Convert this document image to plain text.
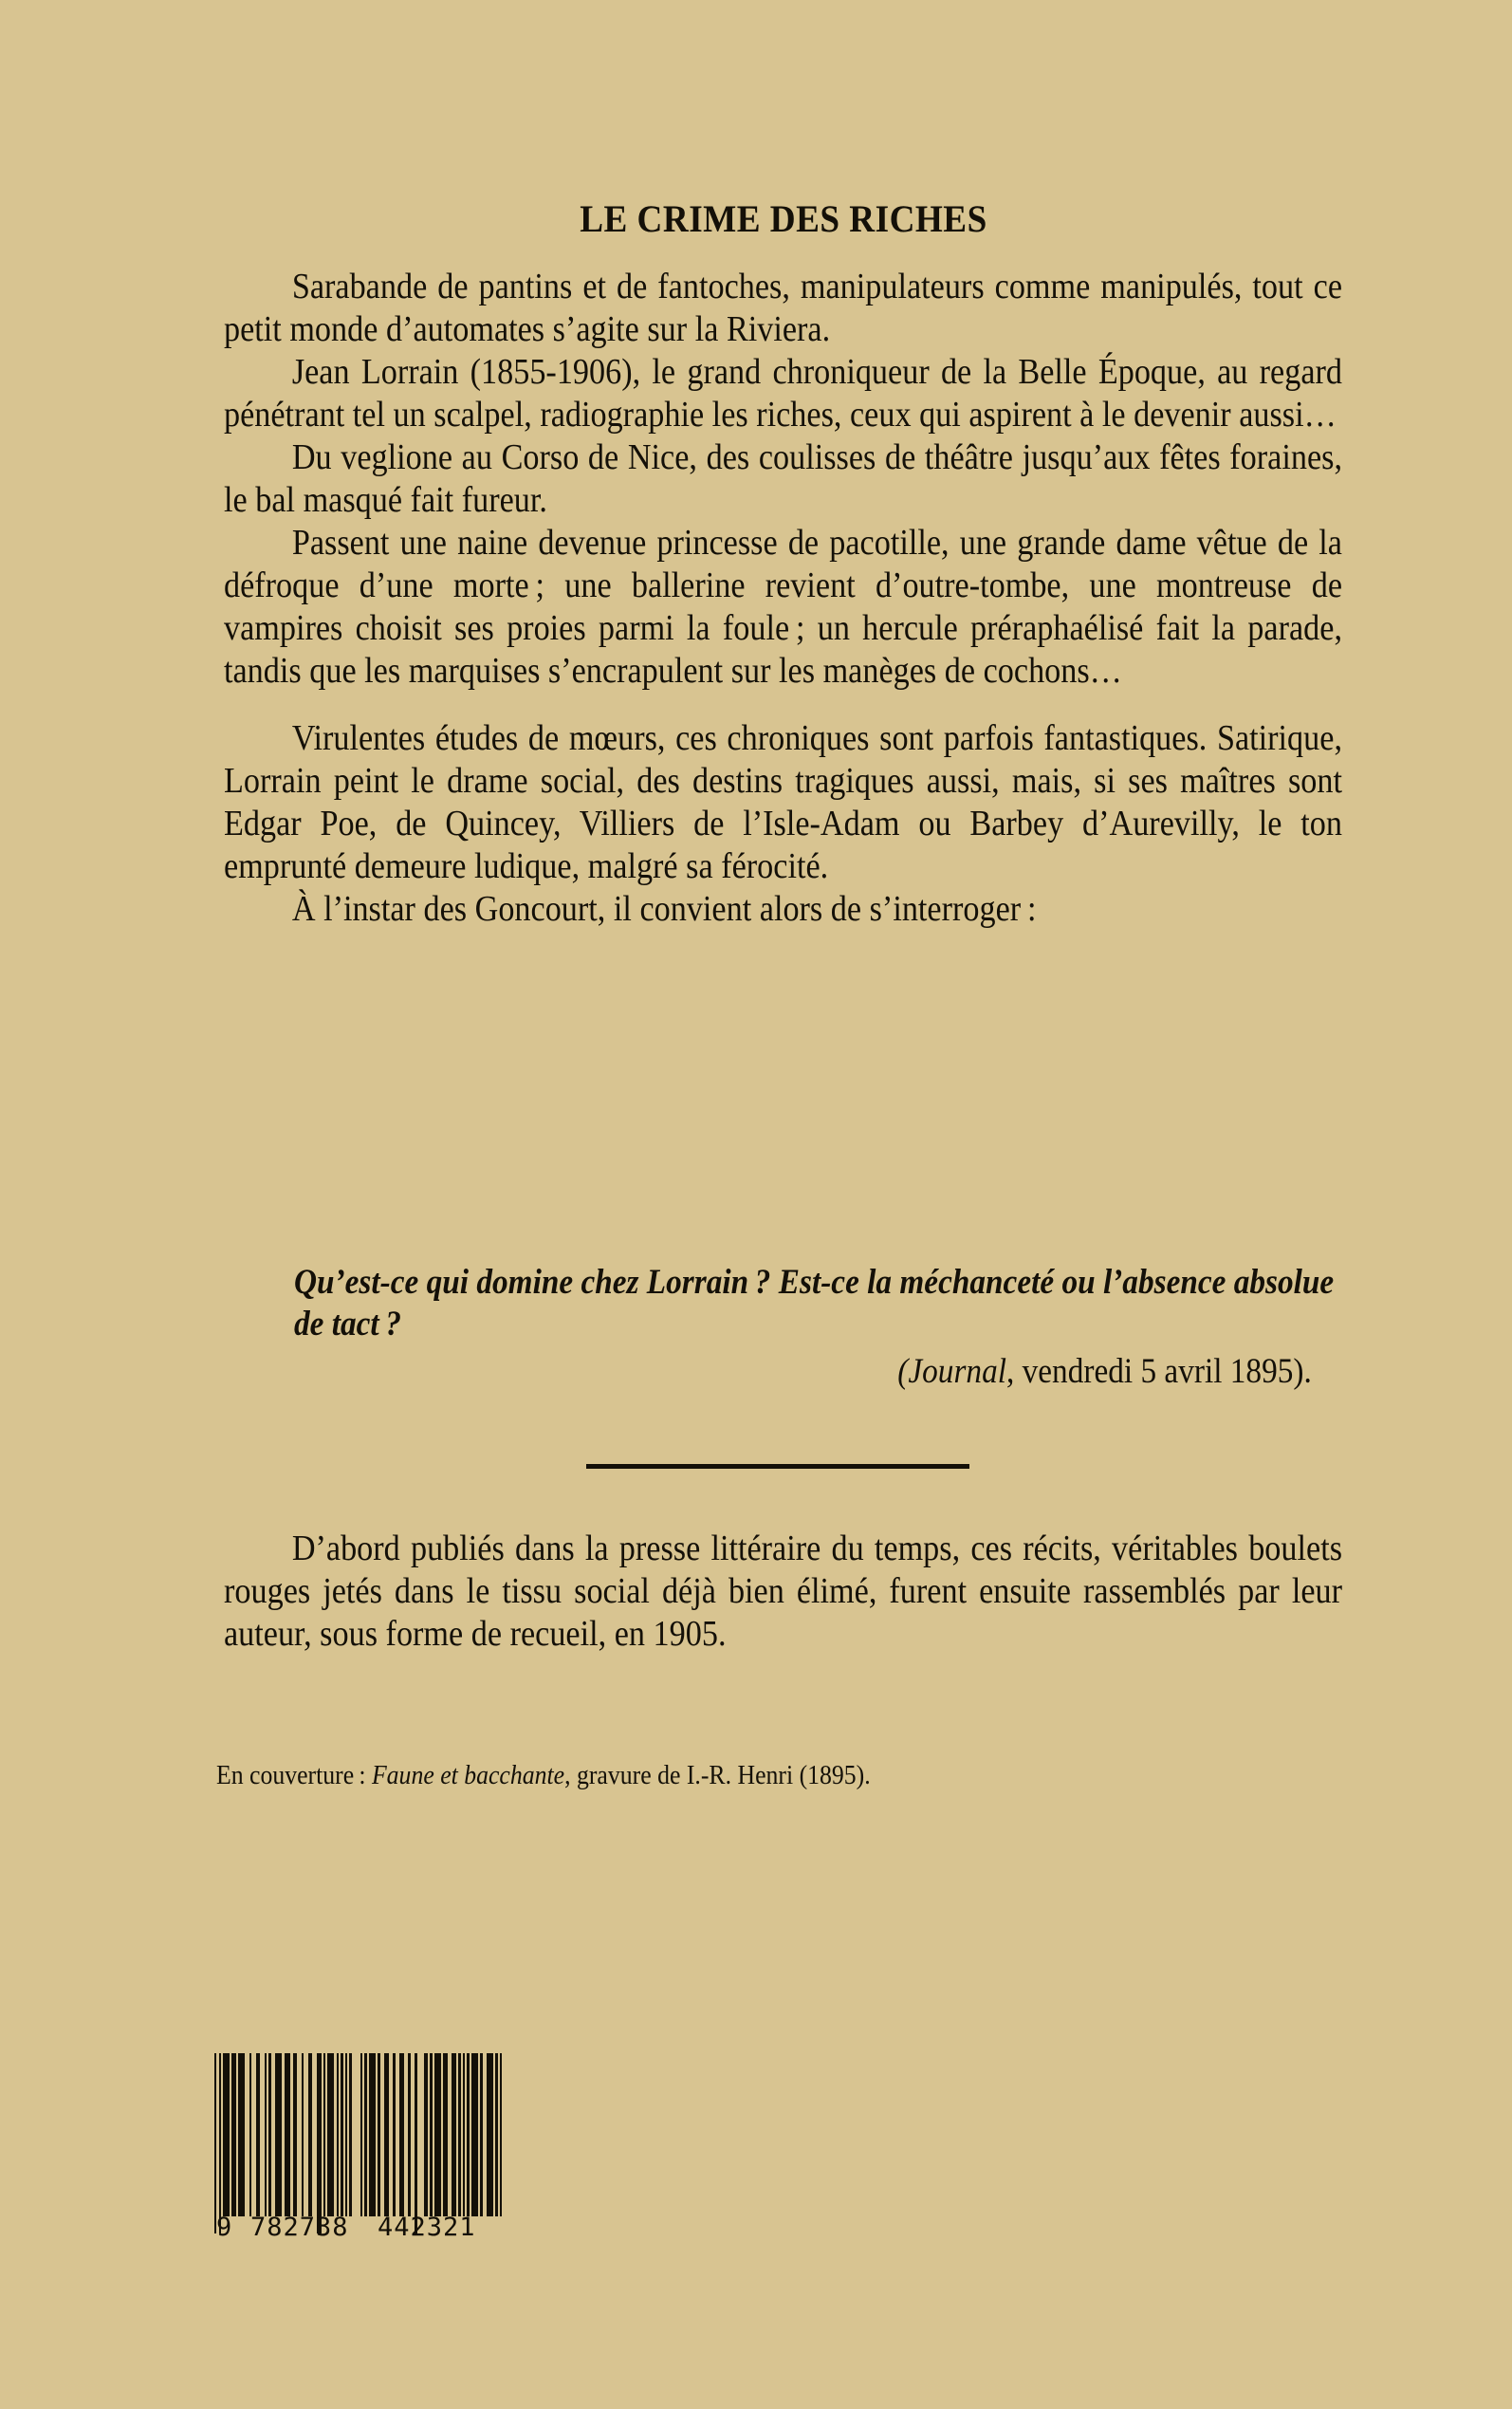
LE CRIME DES RICHES

Sarabande de pantins et de fantoches, manipulateurs comme manipulés, tout ce petit monde d’automates s’agite sur la Riviera.

Jean Lorrain (1855-1906), le grand chroniqueur de la Belle Époque, au regard pénétrant tel un scalpel, radiographie les riches, ceux qui aspirent à le devenir aussi…

Du veglione au Corso de Nice, des coulisses de théâtre jusqu’aux fêtes foraines, le bal masqué fait fureur.

Passent une naine devenue princesse de pacotille, une grande dame vêtue de la défroque d’une morte ; une ballerine revient d’outre-tombe, une montreuse de vampires choisit ses proies parmi la foule ; un hercule préraphaélisé fait la parade, tandis que les marquises s’encrapulent sur les manèges de cochons…

Virulentes études de mœurs, ces chroniques sont parfois fantastiques. Satirique, Lorrain peint le drame social, des destins tragiques aussi, mais, si ses maîtres sont Edgar Poe, de Quincey, Villiers de l’Isle-Adam ou Barbey d’Aurevilly, le ton emprunté demeure ludique, malgré sa férocité.

À l’instar des Goncourt, il convient alors de s’interroger :

Qu’est-ce qui domine chez Lorrain ? Est-ce la méchanceté ou l’absence absolue de tact ?

(Journal, vendredi 5 avril 1895).

D’abord publiés dans la presse littéraire du temps, ces récits, véritables boulets rouges jetés dans le tissu social déjà bien élimé, furent ensuite rassemblés par leur auteur, sous forme de recueil, en 1905.

En couverture : Faune et bacchante, gravure de I.-R. Henri (1895).
9 782738 442321
